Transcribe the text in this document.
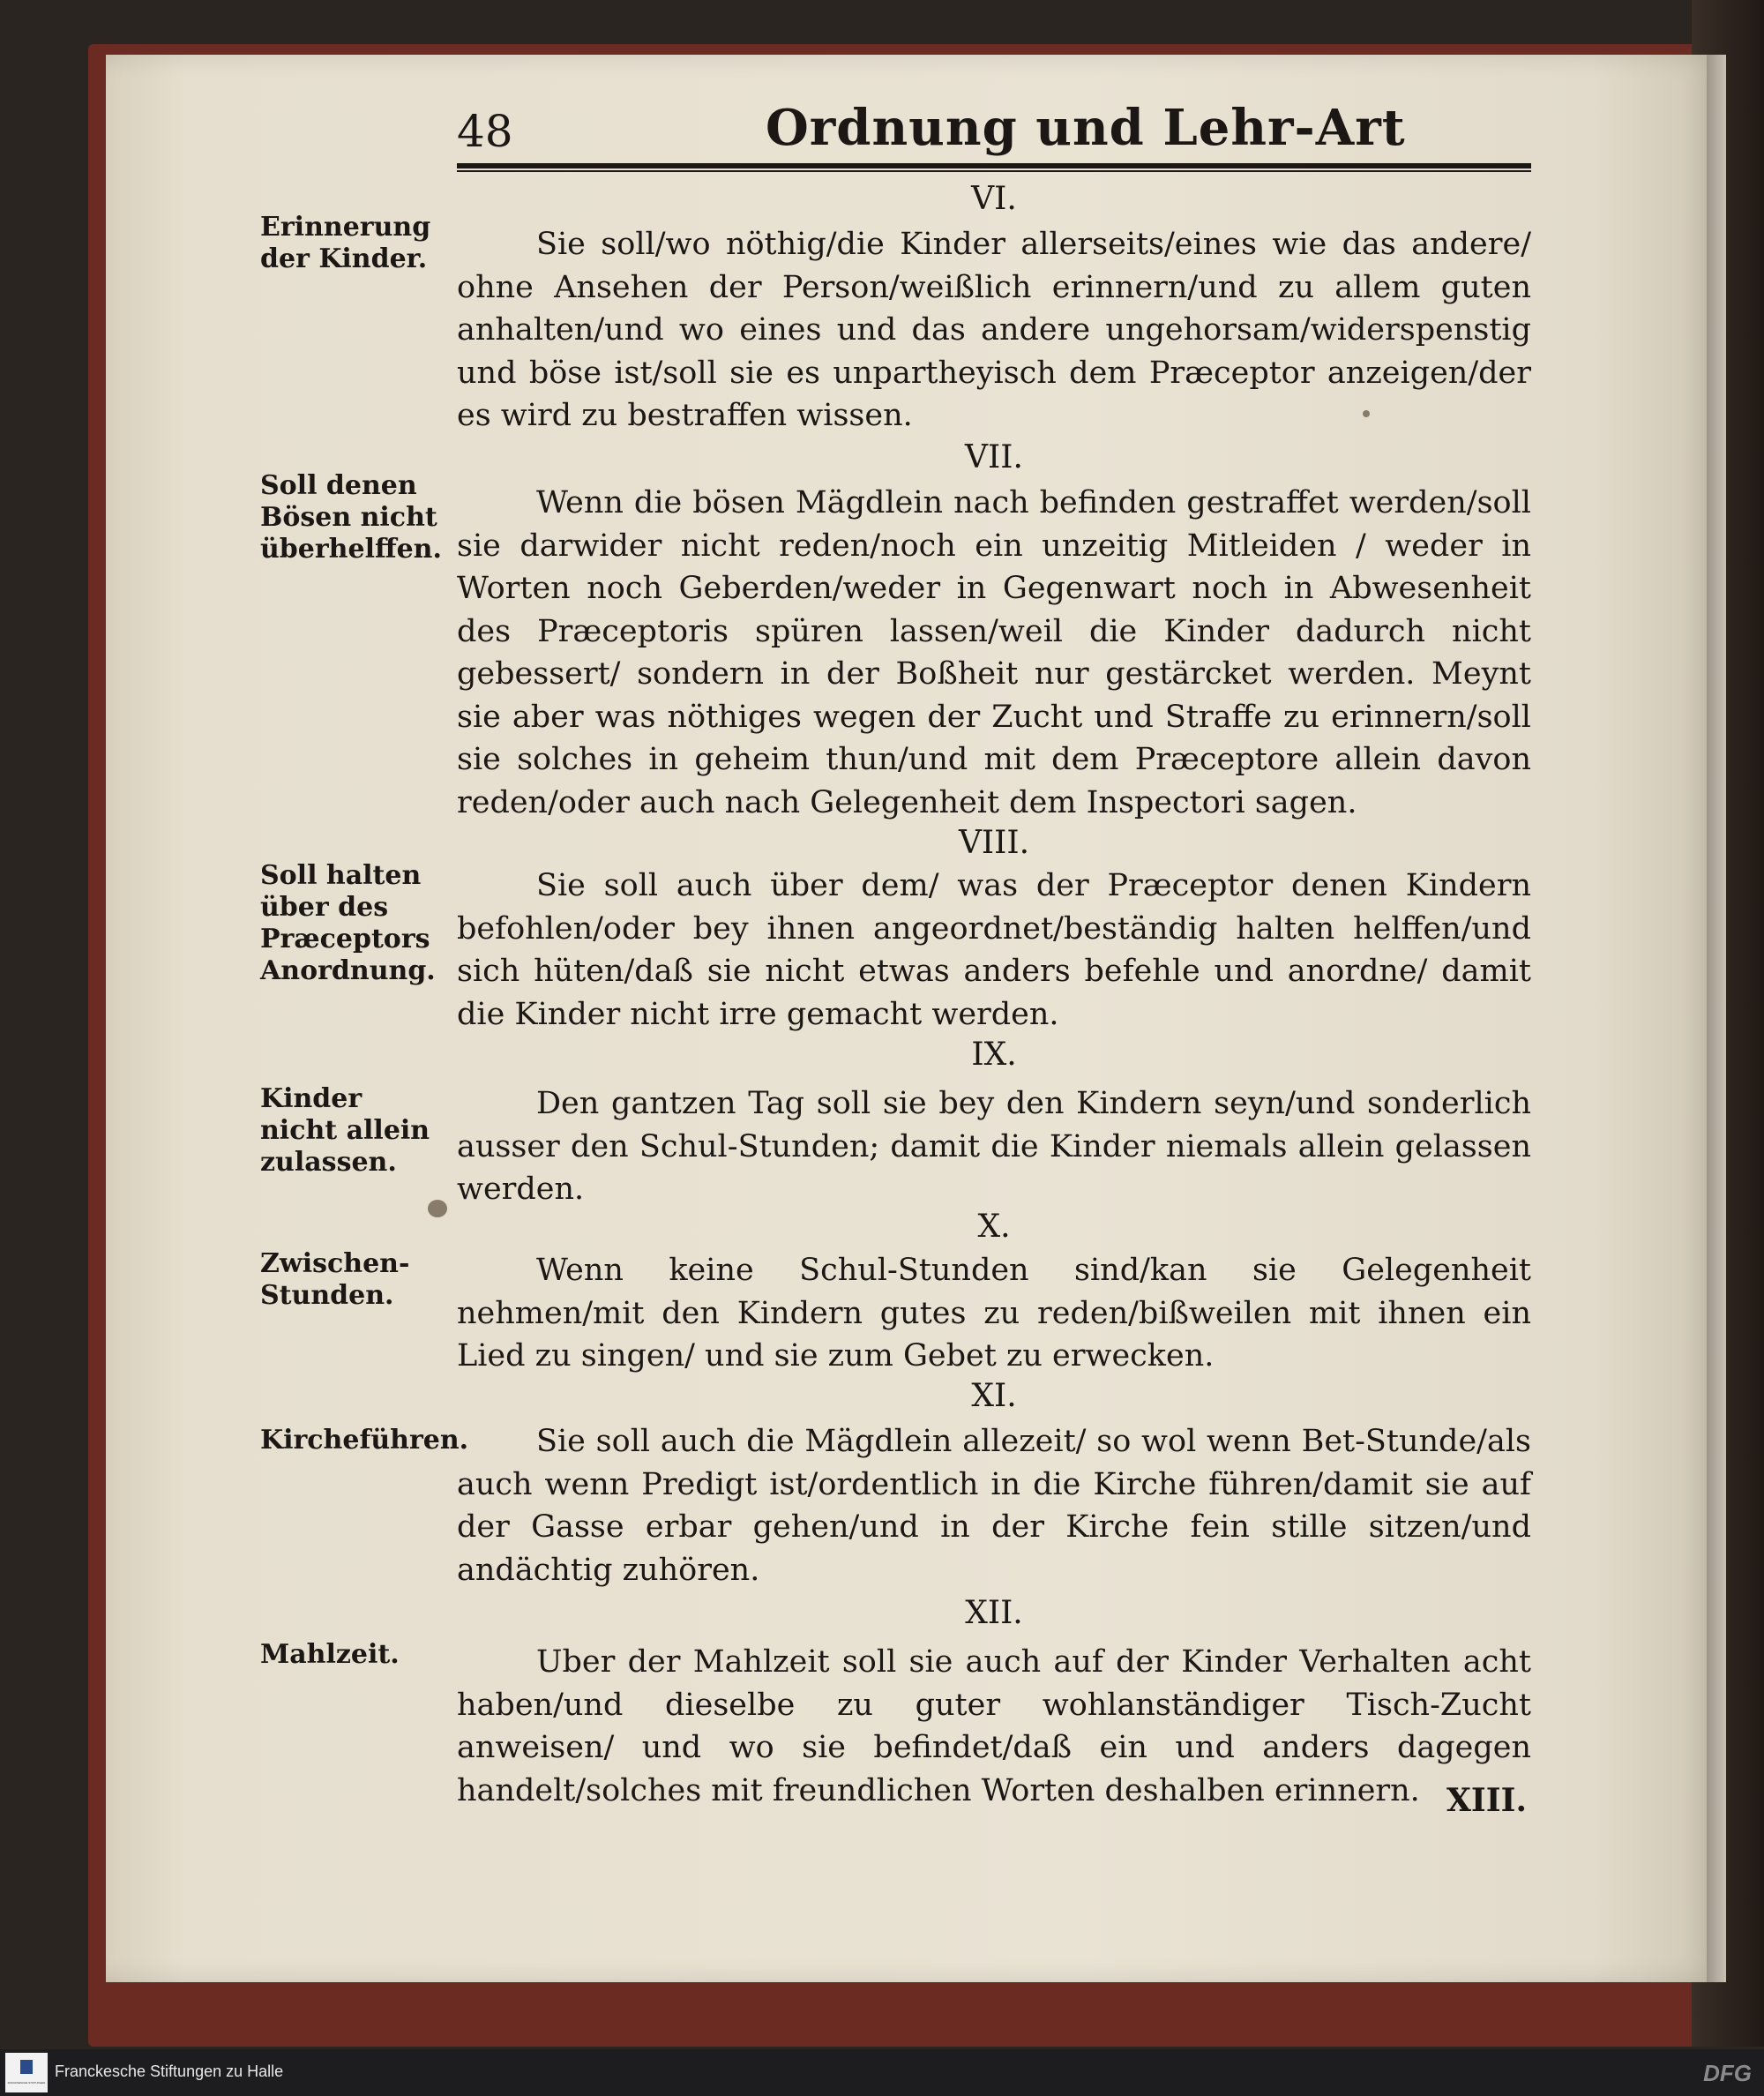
48	Ordnung und Lehr-Art
VI.
Erinnerung der Kinder.	Sie soll/wo nöthig/die Kinder allerseits/eines wie das andere/ ohne Ansehen der Person/weißlich erinnern/und zu allem guten anhalten/und wo eines und das andere ungehorsam/widerspenstig und böse ist/soll sie es unpartheyisch dem Præceptor anzeigen/der es wird zu bestraffen wissen.
VII.
Soll denen Bösen nicht überhelffen.
Wenn die bösen Mägdlein nach befinden gestraffet werden/soll sie darwider nicht reden/noch ein unzeitig Mitleiden / weder in Worten noch Geberden/weder in Gegenwart noch in Abwesenheit des Præceptoris spüren lassen/weil die Kinder dadurch nicht gebessert/ sondern in der Boßheit nur gestärcket werden. Meynt sie aber was nöthiges wegen der Zucht und Straffe zu erinnern/soll sie solches in geheim thun/und mit dem Præceptore allein davon reden/oder auch nach Gelegenheit dem Inspectori sagen.
VIII.
Soll halten über des Præceptors Anordnung.
Sie soll auch über dem/ was der Præceptor denen Kindern befohlen/oder bey ihnen angeordnet/beständig halten helffen/und sich hüten/daß sie nicht etwas anders befehle und anordne/ damit die Kinder nicht irre gemacht werden.
IX.
Kinder nicht allein zulassen.
Den gantzen Tag soll sie bey den Kindern seyn/und sonderlich ausser den Schul-Stunden; damit die Kinder niemals allein gelassen werden.
X.
Zwischen-Stunden.
Wenn keine Schul-Stunden sind/kan sie Gelegenheit nehmen/mit den Kindern gutes zu reden/bißweilen mit ihnen ein Lied zu singen/ und sie zum Gebet zu erwecken.
XI.
Kircheführen.	Sie soll auch die Mägdlein allezeit/ so wol wenn Bet-Stunde/als auch wenn Predigt ist/ordentlich in die Kirche führen/damit sie auf der Gasse erbar gehen/und in der Kirche fein stille sitzen/und andächtig zuhören.
XII.
Mahlzeit.	Uber der Mahlzeit soll sie auch auf der Kinder Verhalten acht haben/und dieselbe zu guter wohlanständiger Tisch-Zucht anweisen/ und wo sie befindet/daß ein und anders dagegen handelt/solches mit freundlichen Worten deshalben erinnern. XIII.
FRANCKESCHE STIFTUNGEN
Franckesche Stiftungen zu Halle	DFG
